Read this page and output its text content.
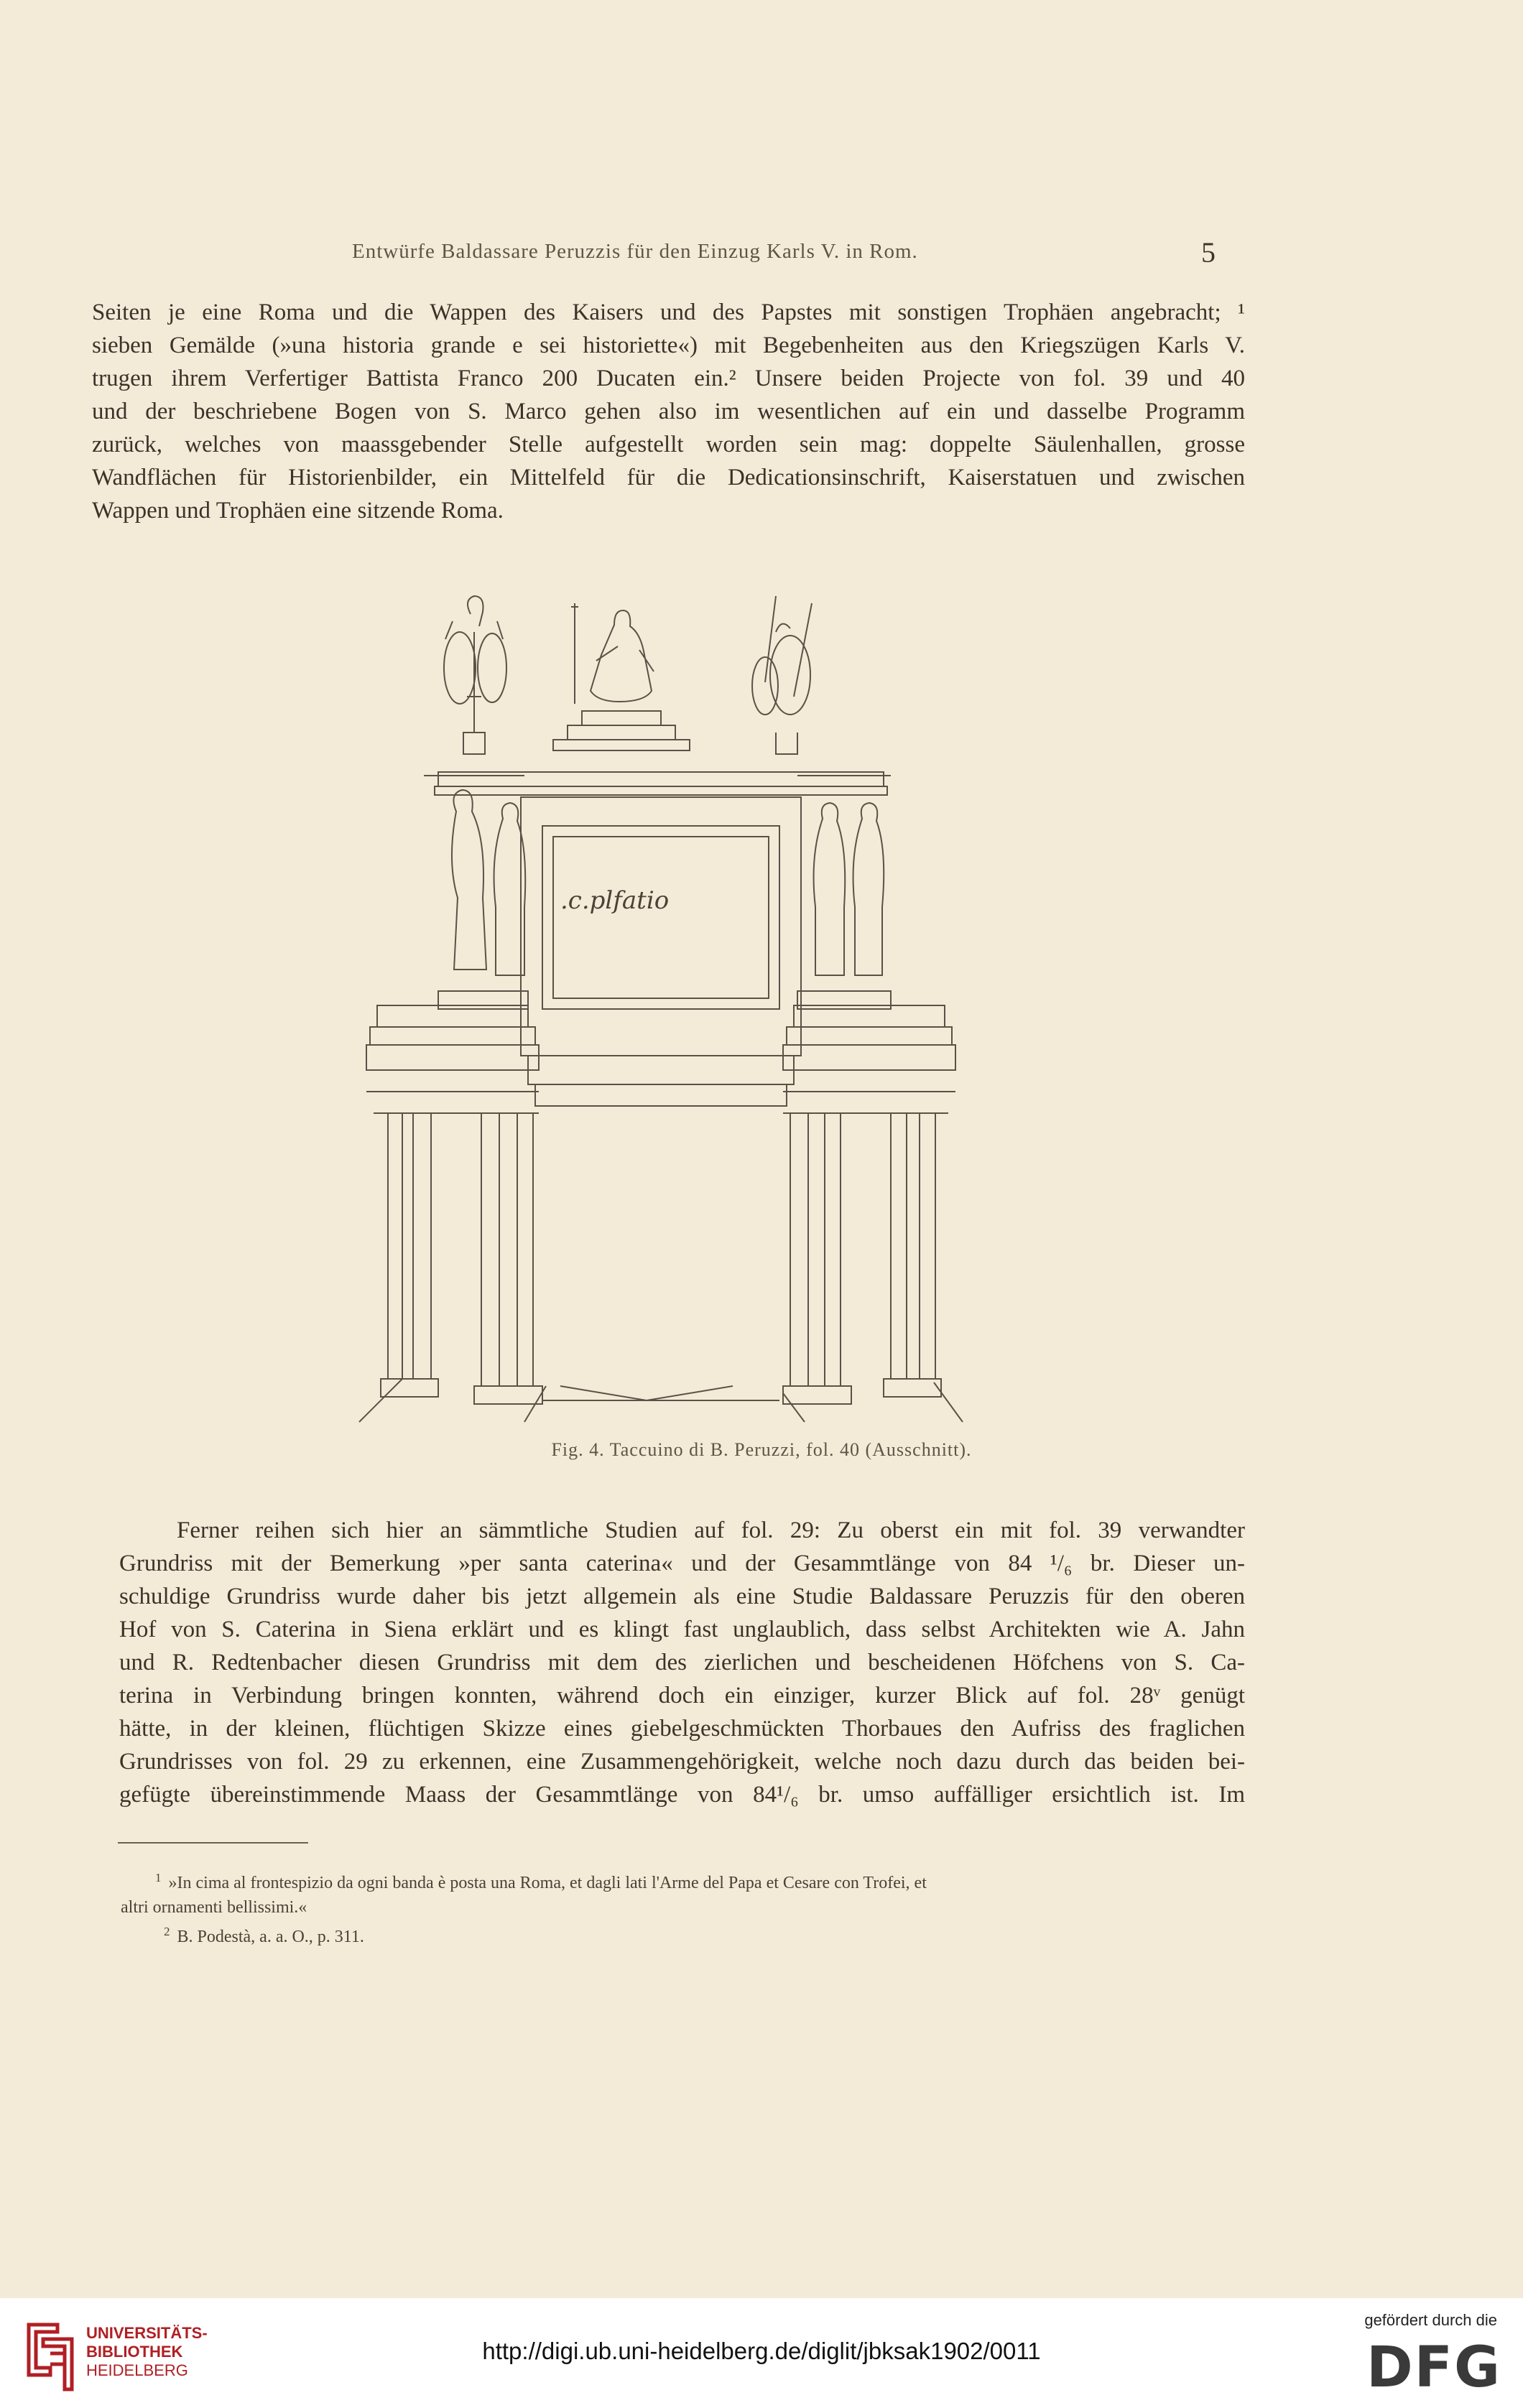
Entwürfe Baldassare Peruzzis für den Einzug Karls V. in Rom.	5
Seiten je eine Roma und die Wappen des Kaisers und des Papstes mit sonstigen Trophäen angebracht; ¹
sieben Gemälde (»una historia grande e sei historiette«) mit Begebenheiten aus den Kriegszügen Karls V.
trugen ihrem Verfertiger Battista Franco 200 Ducaten ein.² Unsere beiden Projecte von fol. 39 und 40
und der beschriebene Bogen von S. Marco gehen also im wesentlichen auf ein und dasselbe Programm
zurück, welches von maassgebender Stelle aufgestellt worden sein mag: doppelte Säulenhallen, grosse
Wandflächen für Historienbilder, ein Mittelfeld für die Dedicationsinschrift, Kaiserstatuen und zwischen
Wappen und Trophäen eine sitzende Roma.
.c.plfatio
Fig. 4. Taccuino di B. Peruzzi, fol. 40 (Ausschnitt).
Ferner reihen sich hier an sämmtliche Studien auf fol. 29: Zu oberst ein mit fol. 39 verwandter
Grundriss mit der Bemerkung »per santa caterina« und der Gesammtlänge von 84 ¹/₆ br. Dieser un-
schuldige Grundriss wurde daher bis jetzt allgemein als eine Studie Baldassare Peruzzis für den oberen
Hof von S. Caterina in Siena erklärt und es klingt fast unglaublich, dass selbst Architekten wie A. Jahn
und R. Redtenbacher diesen Grundriss mit dem des zierlichen und bescheidenen Höfchens von S. Ca-
terina in Verbindung bringen konnten, während doch ein einziger, kurzer Blick auf fol. 28ᵛ genügt
hätte, in der kleinen, flüchtigen Skizze eines giebelgeschmückten Thorbaues den Aufriss des fraglichen
Grundrisses von fol. 29 zu erkennen, eine Zusammengehörigkeit, welche noch dazu durch das beiden bei-
gefügte übereinstimmende Maass der Gesammtlänge von 84¹/₆ br. umso auffälliger ersichtlich ist. Im

$^1$ »In cima al frontespizio da ogni banda è posta una Roma, et dagli lati l'Arme del Papa et Cesare con Trofei, et

altri ornamenti bellissimi.«

$^2$ B. Podestà, a. a. O., p. 311.

UNIVERSITÄTS-
BIBLIOTHEK
HEIDELBERG
http://digi.ub.uni-heidelberg.de/diglit/jbksak1902/0011
gefördert durch die
DFG
